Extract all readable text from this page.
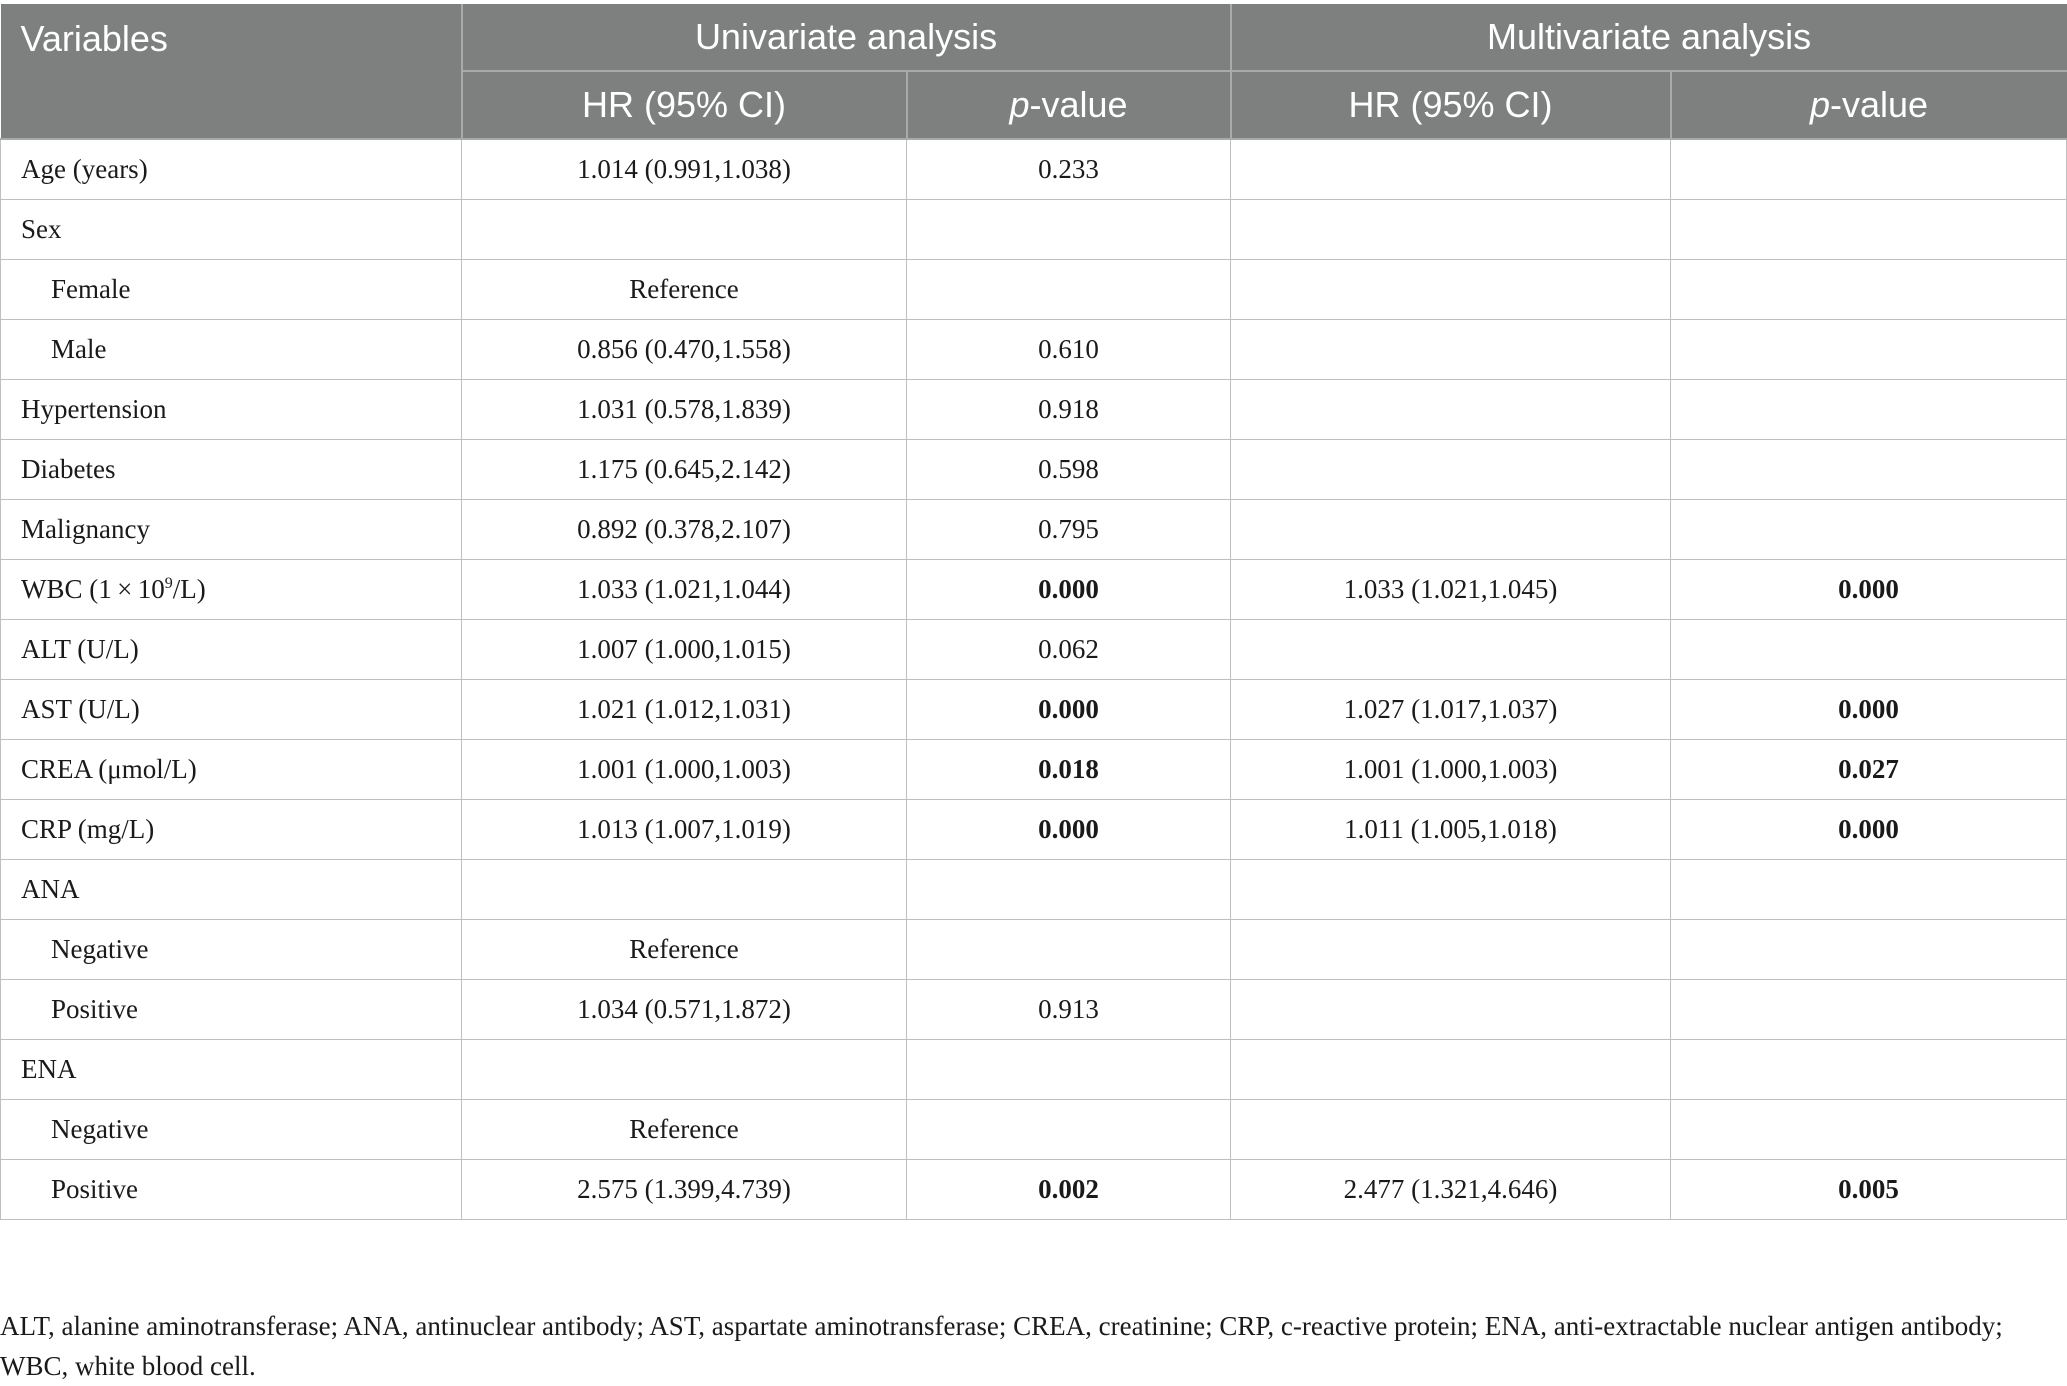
Variables	Univariate analysis		Multivariate analysis	
	HR (95% CI)	p-value	HR (95% CI)	p-value
Age (years)	1.014 (0.991,1.038)	0.233		
Sex				
Female	Reference			
Male	0.856 (0.470,1.558)	0.610		
Hypertension	1.031 (0.578,1.839)	0.918		
Diabetes	1.175 (0.645,2.142)	0.598		
Malignancy	0.892 (0.378,2.107)	0.795		
WBC $(1 \times 10^9/L)$	1.033 (1.021,1.044)	0.000	1.033 (1.021,1.045)	0.000
ALT (U/L)	1.007 (1.000,1.015)	0.062		
AST (U/L)	1.021 (1.012,1.031)	0.000	1.027 (1.017,1.037)	0.000
CREA (μmol/L)	1.001 (1.000,1.003)	0.018	1.001 (1.000,1.003)	0.027
CRP (mg/L)	1.013 (1.007,1.019)	0.000	1.011 (1.005,1.018)	0.000
ANA				
Negative	Reference			
Positive	1.034 (0.571,1.872)	0.913		
ENA				
Negative	Reference			
Positive	2.575 (1.399,4.739)	0.002	2.477 (1.321,4.646)	0.005
ALT, alanine aminotransferase; ANA, antinuclear antibody; AST, aspartate aminotransferase; CREA, creatinine; CRP, c-reactive protein; ENA, anti-extractable nuclear antigen antibody; WBC, white blood cell.
